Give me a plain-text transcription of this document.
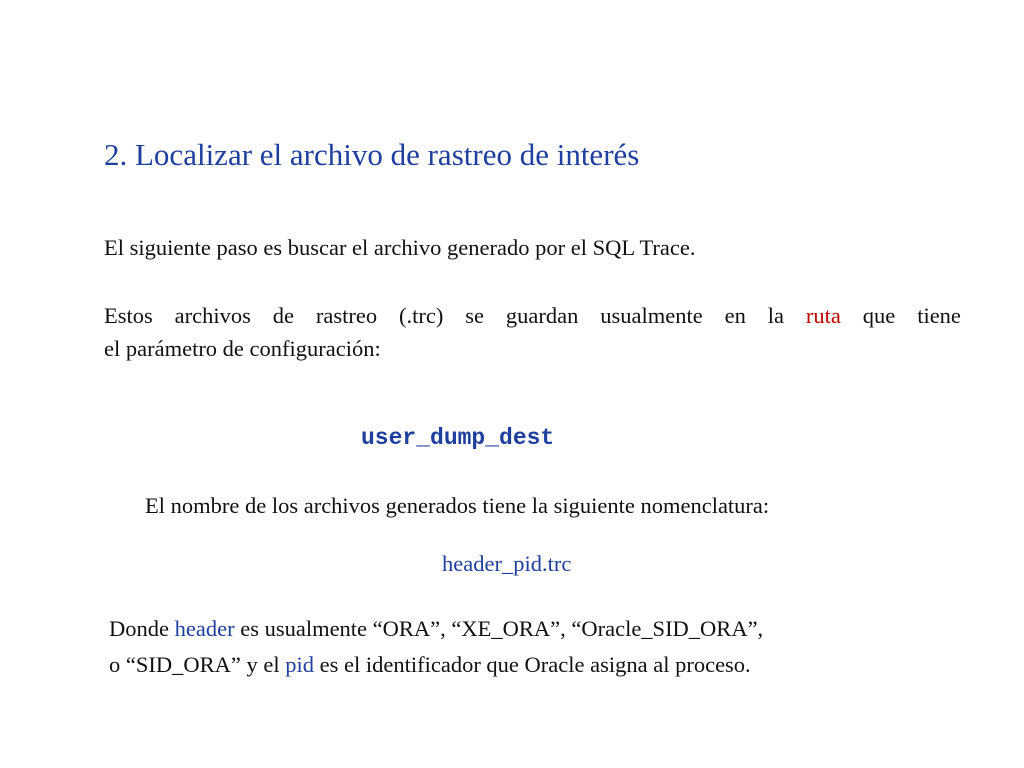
2. Localizar el archivo de rastreo de interés
El siguiente paso es buscar el archivo generado por el SQL Trace.
Estos archivos de rastreo (.trc) se guardan usualmente en la ruta que tiene
el parámetro de configuración:
user_dump_dest
El nombre de los archivos generados tiene la siguiente nomenclatura:
header_pid.trc
Donde header es usualmente “ORA”, “XE_ORA”, “Oracle_SID_ORA”,
o “SID_ORA” y el pid es el identificador que Oracle asigna al proceso.
